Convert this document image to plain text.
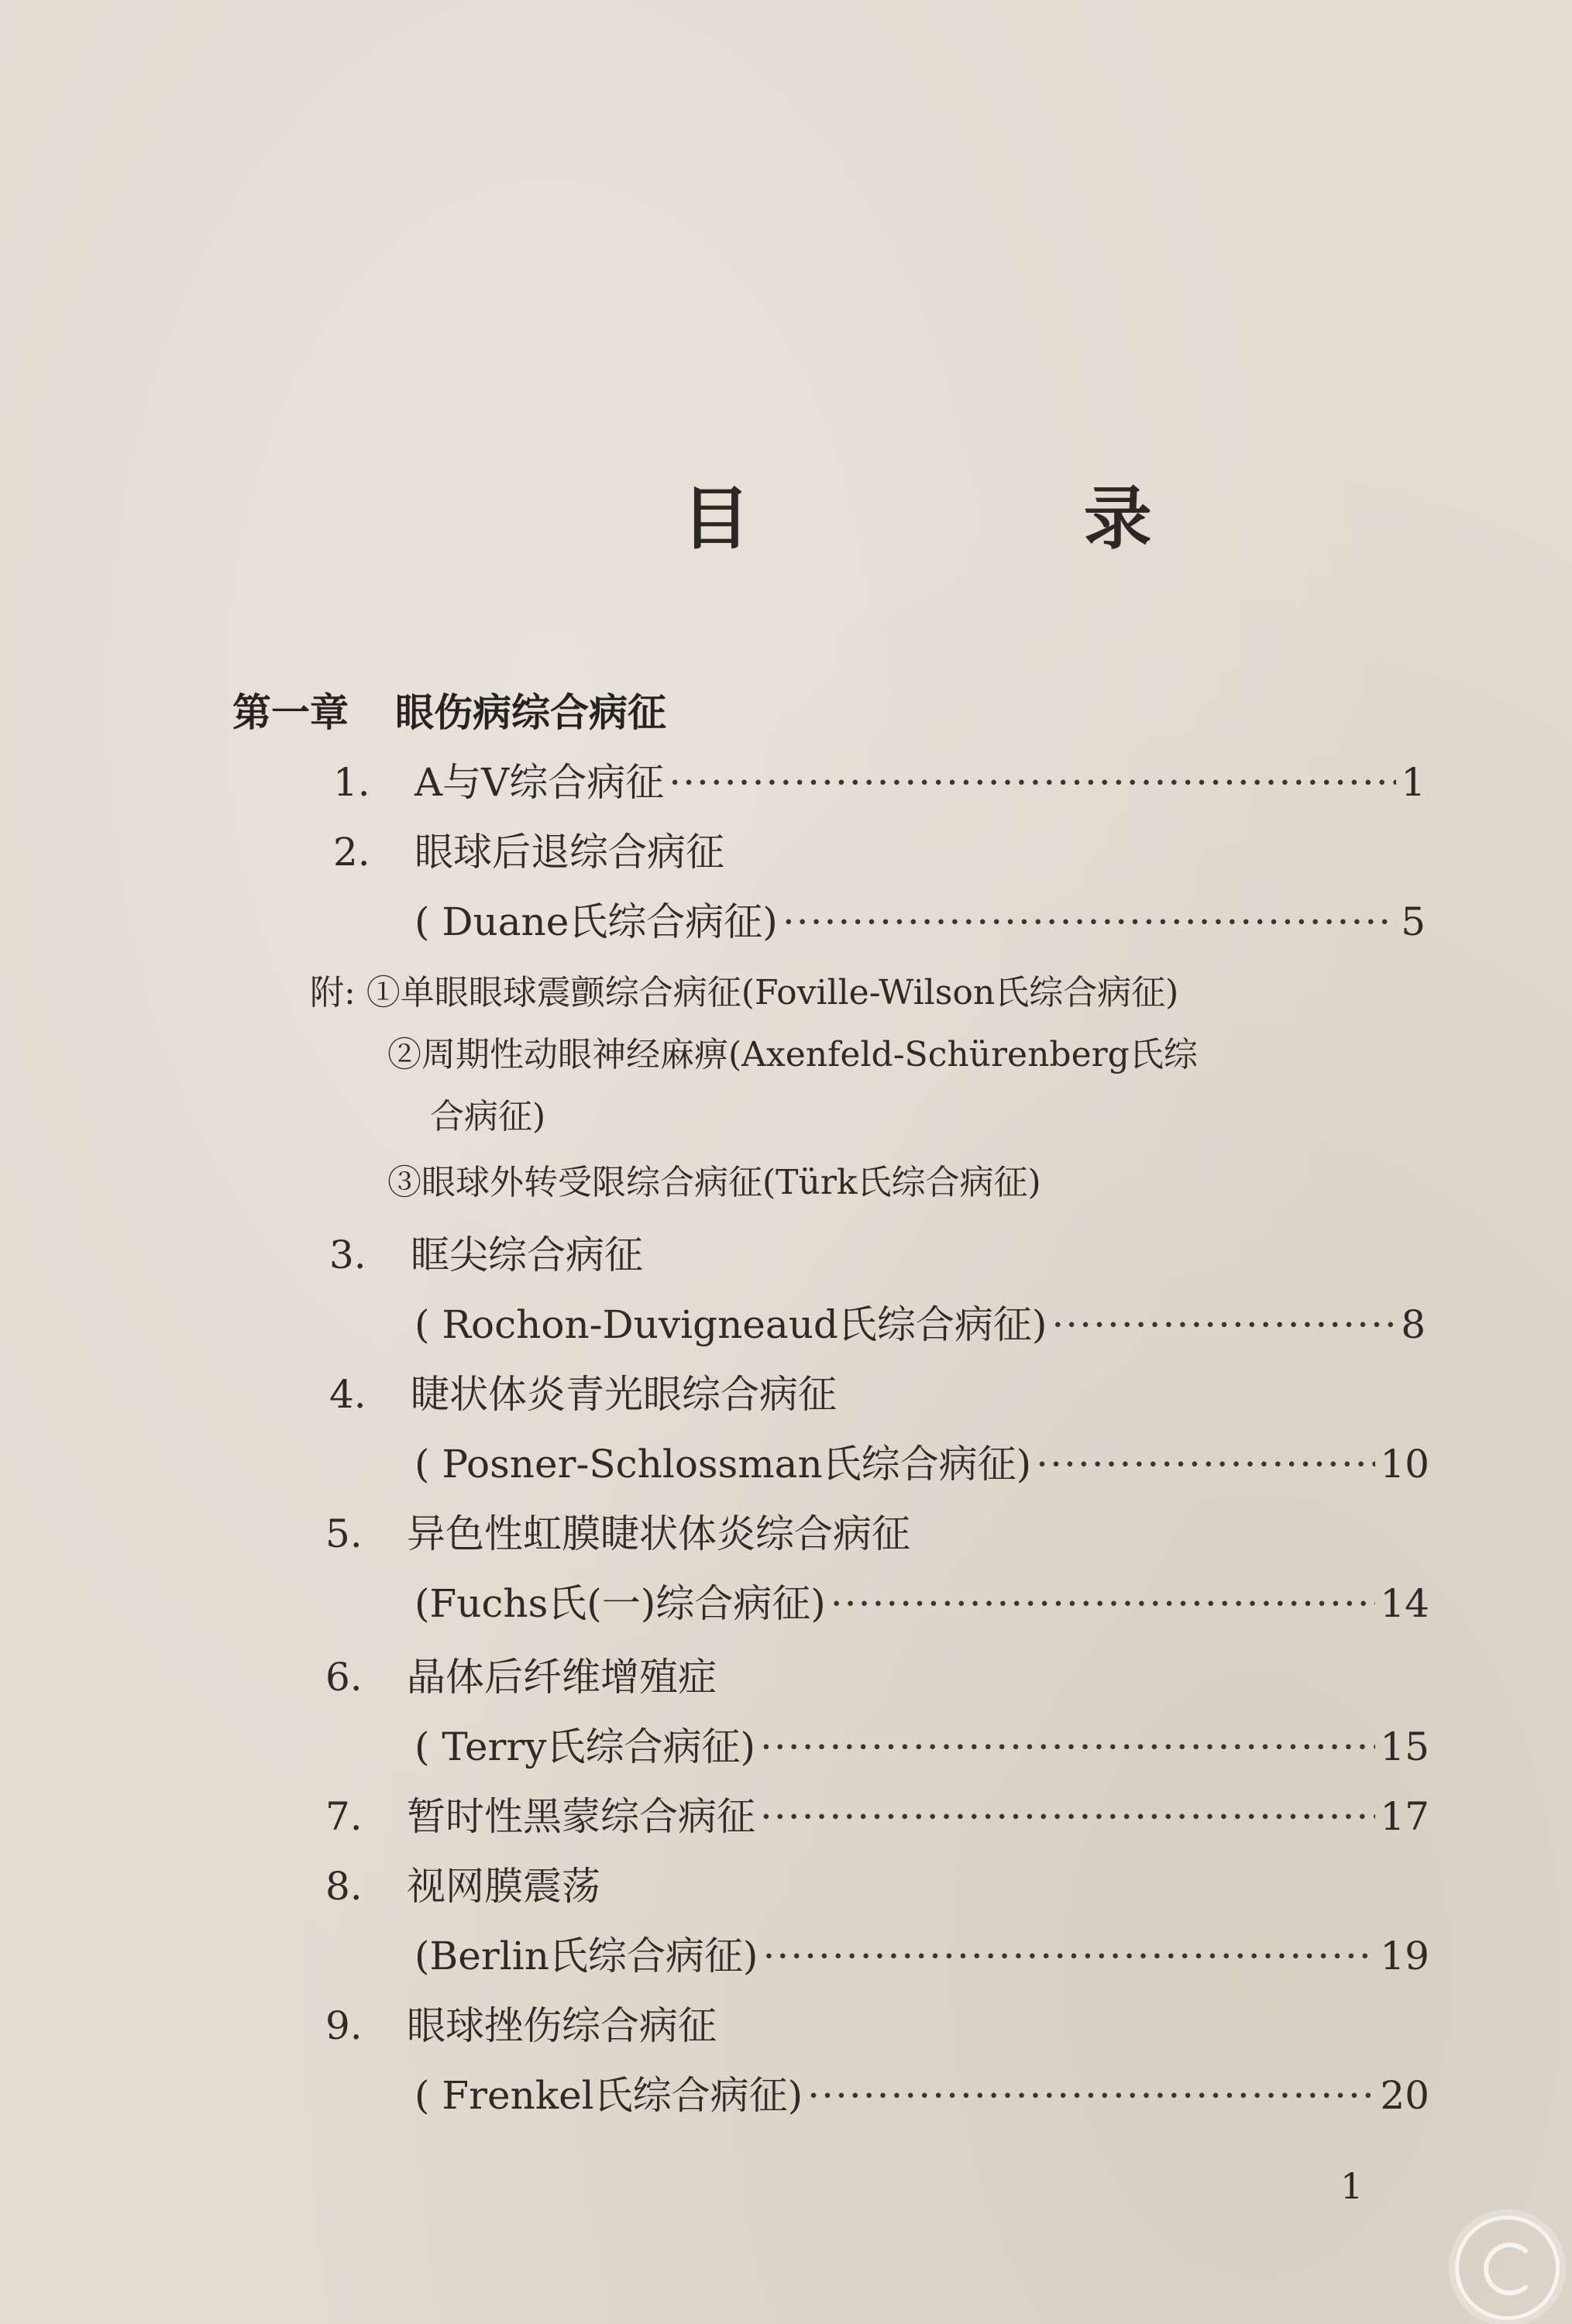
目 录
第一章 眼伤病综合病征
1.	A与V综合病征 ·····	1
2.	眼球后退综合病征
( Duane氏综合病征) ·····	5
附: ①单眼眼球震颤综合病征(Foville-Wilson氏综合病征)
②周期性动眼神经麻痹(Axenfeld-Schürenberg氏综
合病征)
③眼球外转受限综合病征(Türk氏综合病征)
3.	眶尖综合病征
( Rochon-Duvigneaud氏综合病征) ·····	8
4.	睫状体炎青光眼综合病征
( Posner-Schlossman氏综合病征) ·····	10
5.	异色性虹膜睫状体炎综合病征
(Fuchs氏(一)综合病征) ·····	14
6.	晶体后纤维增殖症
( Terry氏综合病征) ·····	15
7.	暂时性黑蒙综合病征 ·····	17
8.	视网膜震荡
(Berlin氏综合病征) ·····	19
9.	眼球挫伤综合病征
( Frenkel氏综合病征) ·····	20
1
